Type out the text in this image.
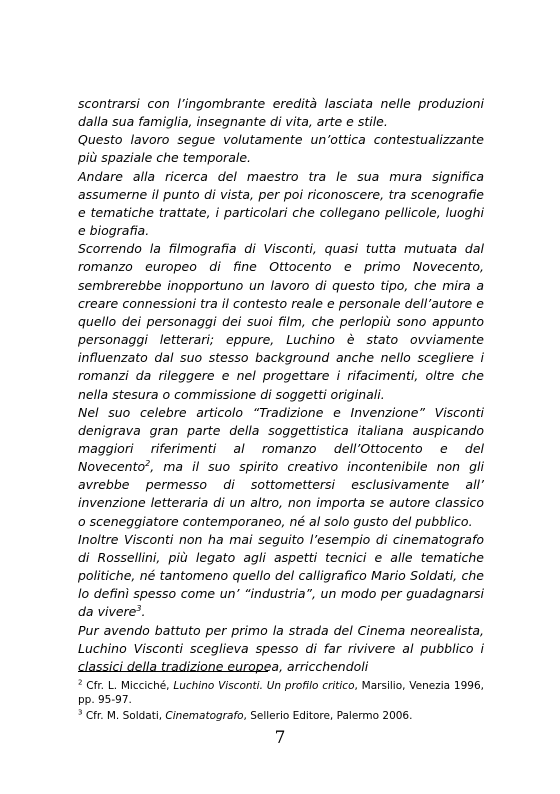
scontrarsi con l’ingombrante eredità lasciata nelle produzioni dalla sua famiglia, insegnante di vita, arte e stile.

Questo lavoro segue volutamente un’ottica contestualizzante più spaziale che temporale.

Andare alla ricerca del maestro tra le sua mura significa assumerne il punto di vista, per poi riconoscere, tra scenografie e tematiche trattate, i particolari che collegano pellicole, luoghi e biografia.

Scorrendo la filmografia di Visconti, quasi tutta mutuata dal romanzo europeo di fine Ottocento e primo Novecento, sembrerebbe inopportuno un lavoro di questo tipo, che mira a creare connessioni tra il contesto reale e personale dell’autore e quello dei personaggi dei suoi film, che perlopiù sono appunto personaggi letterari; eppure, Luchino è stato ovviamente influenzato dal suo stesso background anche nello scegliere i romanzi da rileggere e nel progettare i rifacimenti, oltre che nella stesura o commissione di soggetti originali.

Nel suo celebre articolo “Tradizione e Invenzione” Visconti denigrava gran parte della soggettistica italiana auspicando maggiori riferimenti al romanzo dell’Ottocento e del Novecento$^2$, ma il suo spirito creativo incontenibile non gli avrebbe permesso di sottomettersi esclusivamente all’ invenzione letteraria di un altro, non importa se autore classico o sceneggiatore contemporaneo, né al solo gusto del pubblico.

Inoltre Visconti non ha mai seguito l’esempio di cinematografo di Rossellini, più legato agli aspetti tecnici e alle tematiche politiche, né tantomeno quello del calligrafico Mario Soldati, che lo definì spesso come un’ “industria”, un modo per guadagnarsi da vivere$^3$.

Pur avendo battuto per primo la strada del Cinema neorealista, Luchino Visconti sceglieva spesso di far rivivere al pubblico i classici della tradizione europea, arricchendoli

$^2$ Cfr. L. Micciché, Luchino Visconti. Un profilo critico, Marsilio, Venezia 1996, pp. 95-97.

$^3$ Cfr. M. Soldati, Cinematografo, Sellerio Editore, Palermo 2006.

7
